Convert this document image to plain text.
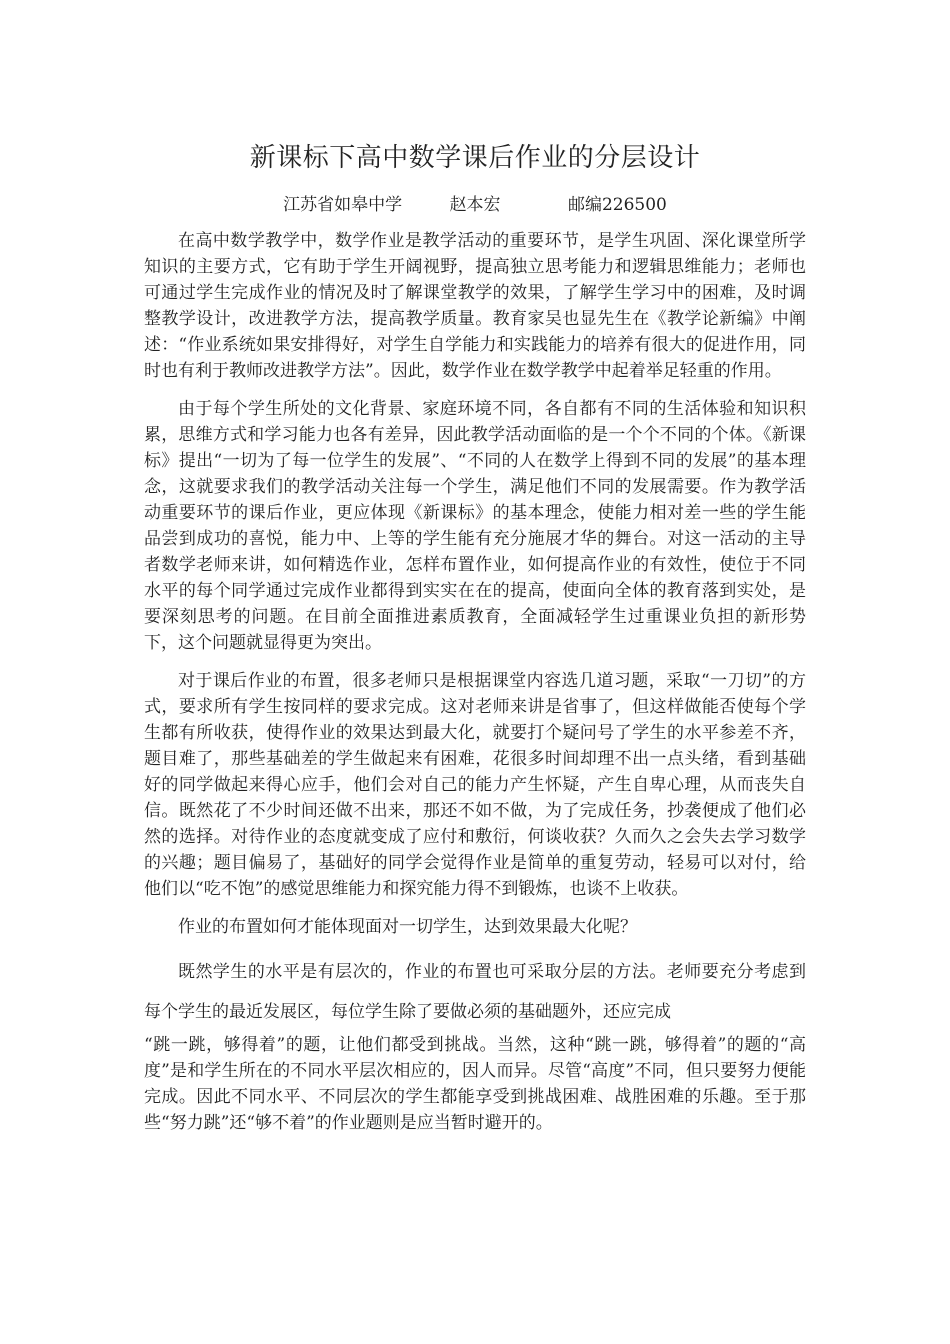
新课标下高中数学课后作业的分层设计
江苏省如皋中学	赵本宏	邮编226500

在高中数学教学中，数学作业是教学活动的重要环节，是学生巩固、深化课堂所学知识的主要方式，它有助于学生开阔视野，提高独立思考能力和逻辑思维能力；老师也可通过学生完成作业的情况及时了解课堂教学的效果，了解学生学习中的困难，及时调整教学设计，改进教学方法，提高教学质量。教育家吴也显先生在《教学论新编》中阐述：“作业系统如果安排得好，对学生自学能力和实践能力的培养有很大的促进作用，同时也有利于教师改进教学方法”。因此，数学作业在数学教学中起着举足轻重的作用。

由于每个学生所处的文化背景、家庭环境不同，各自都有不同的生活体验和知识积累，思维方式和学习能力也各有差异，因此教学活动面临的是一个个不同的个体。《新课标》提出“一切为了每一位学生的发展”、“不同的人在数学上得到不同的发展”的基本理念，这就要求我们的教学活动关注每一个学生，满足他们不同的发展需要。作为教学活动重要环节的课后作业，更应体现《新课标》的基本理念，使能力相对差一些的学生能品尝到成功的喜悦，能力中、上等的学生能有充分施展才华的舞台。对这一活动的主导者数学老师来讲，如何精选作业，怎样布置作业，如何提高作业的有效性，使位于不同水平的每个同学通过完成作业都得到实实在在的提高，使面向全体的教育落到实处，是要深刻思考的问题。在目前全面推进素质教育，全面减轻学生过重课业负担的新形势下，这个问题就显得更为突出。

对于课后作业的布置，很多老师只是根据课堂内容选几道习题，采取“一刀切”的方式，要求所有学生按同样的要求完成。这对老师来讲是省事了，但这样做能否使每个学生都有所收获，使得作业的效果达到最大化，就要打个疑问号了学生的水平参差不齐，题目难了，那些基础差的学生做起来有困难，花很多时间却理不出一点头绪，看到基础好的同学做起来得心应手，他们会对自己的能力产生怀疑，产生自卑心理，从而丧失自信。既然花了不少时间还做不出来，那还不如不做，为了完成任务，抄袭便成了他们必然的选择。对待作业的态度就变成了应付和敷衍，何谈收获？久而久之会失去学习数学的兴趣；题目偏易了，基础好的同学会觉得作业是简单的重复劳动，轻易可以对付，给他们以“吃不饱”的感觉思维能力和探究能力得不到锻炼，也谈不上收获。

作业的布置如何才能体现面对一切学生，达到效果最大化呢？

既然学生的水平是有层次的，作业的布置也可采取分层的方法。老师要充分考虑到每个学生的最近发展区，每位学生除了要做必须的基础题外，还应完成

“跳一跳，够得着”的题，让他们都受到挑战。当然，这种“跳一跳，够得着”的题的“高度”是和学生所在的不同水平层次相应的，因人而异。尽管“高度”不同，但只要努力便能完成。因此不同水平、不同层次的学生都能享受到挑战困难、战胜困难的乐趣。至于那些“努力跳”还“够不着”的作业题则是应当暂时避开的。
